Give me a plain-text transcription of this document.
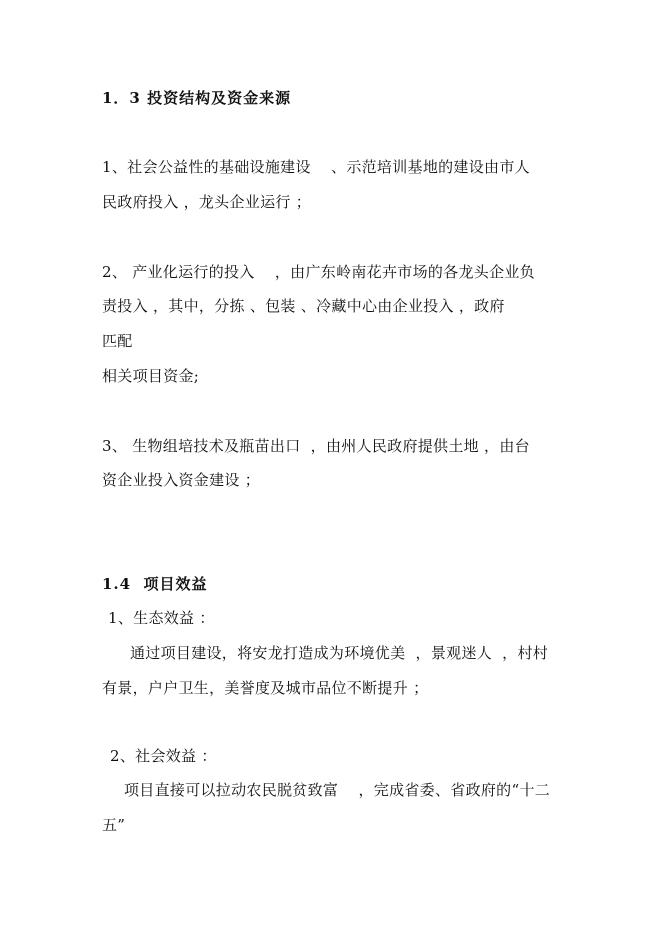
1．3 投资结构及资金来源
1、社会公益性的基础设施建设    、示范培训基地的建设由市人
民政府投入 ，龙头企业运行 ；
2、 产业化运行的投入    ，由广东岭南花卉市场的各龙头企业负
责投入 ，其中，分拣 、包装 、冷藏中心由企业投入 ，政府
匹配
相关项目资金;
3、 生物组培技术及瓶苗出口  ，由州人民政府提供土地 ，由台
资企业投入资金建设 ；
1.4  项目效益
1、生态效益 ：
通过项目建设，将安龙打造成为环境优美  ，景观迷人  ，村村
有景，户户卫生，美誉度及城市品位不断提升 ；
2、社会效益 ：
项目直接可以拉动农民脱贫致富    ，完成省委、省政府的“十二
五”
